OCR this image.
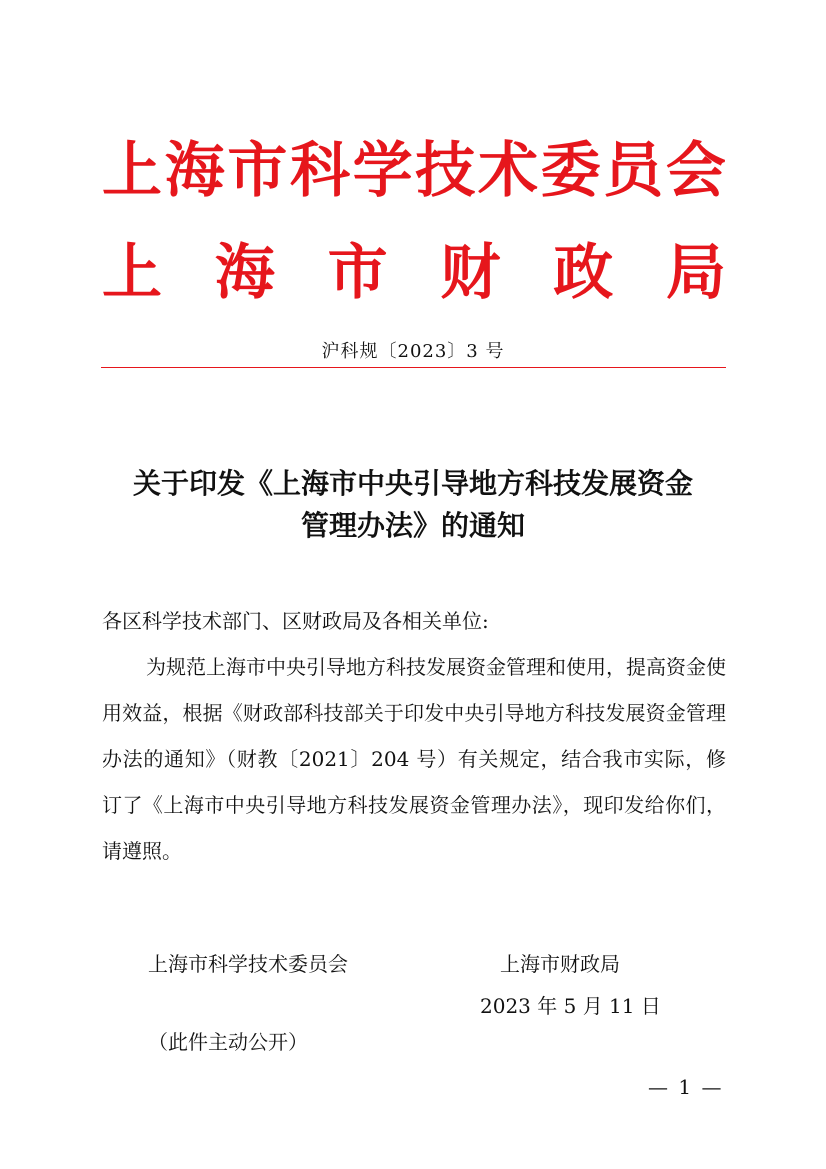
上 海 市 科 学 技 术 委 员 会
上 海 市 财 政 局
沪科规〔2023〕3 号
关于印发《上海市中央引导地方科技发展资金
管理办法》的通知
各区科学技术部门、区财政局及各相关单位:
为规范上海市中央引导地方科技发展资金管理和使用，提高资金使用效益，根据《财政部科技部关于印发中央引导地方科技发展资金管理办法的通知》（财教〔2021〕204 号）有关规定，结合我市实际，修订了《上海市中央引导地方科技发展资金管理办法》，现印发给你们，请遵照。
上海市科学技术委员会	上海市财政局
2023 年 5 月 11 日
（此件主动公开）
— 1 —
